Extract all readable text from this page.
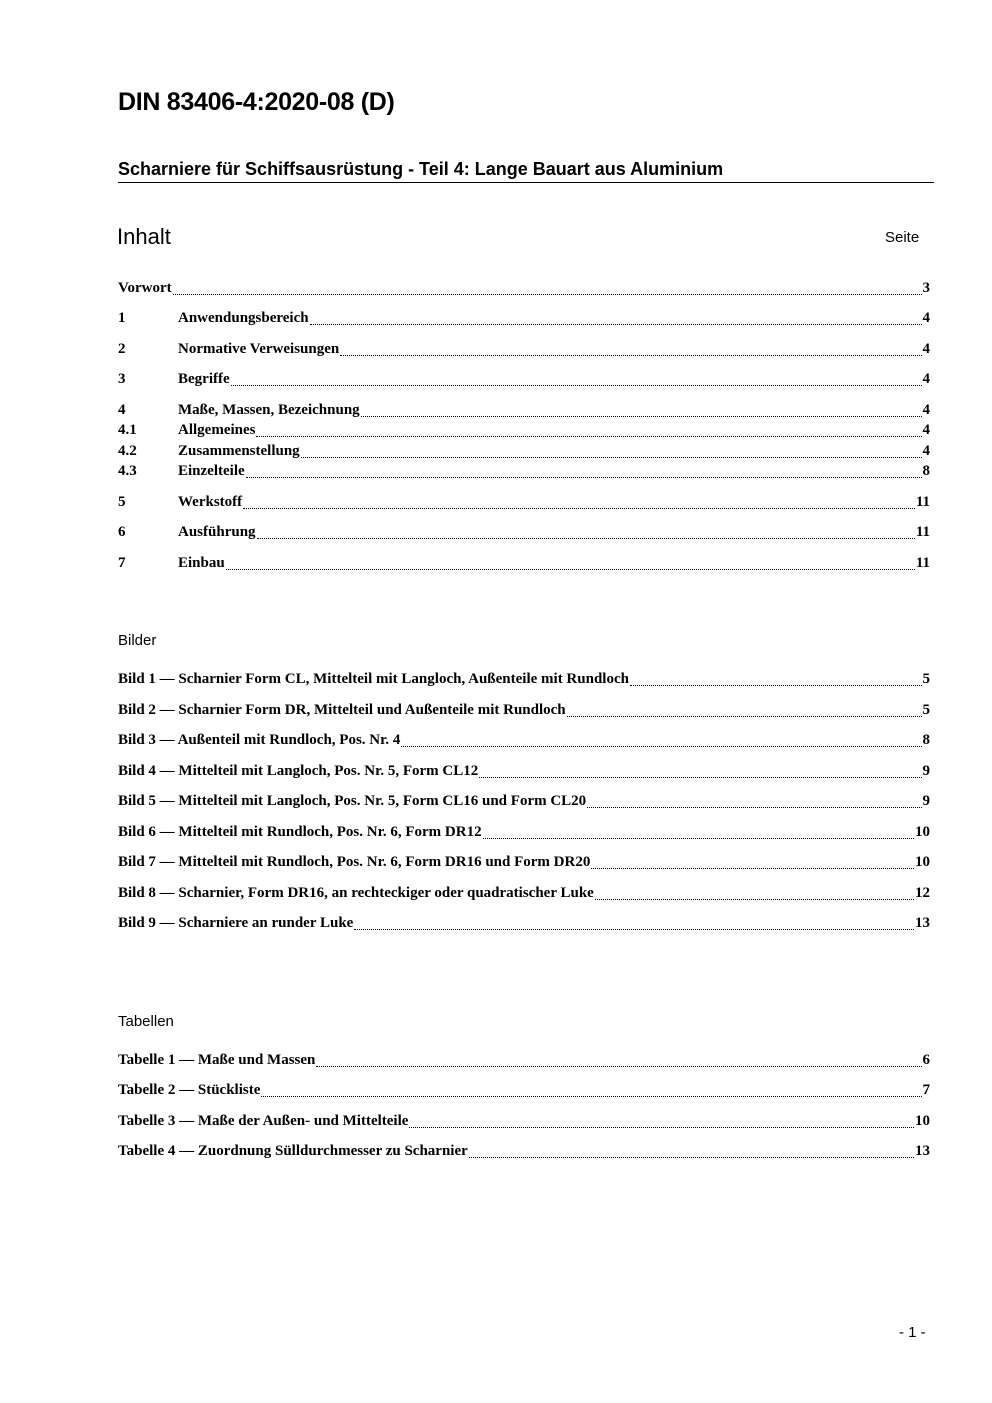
DIN 83406-4:2020-08 (D)
Scharniere für Schiffsausrüstung - Teil 4: Lange Bauart aus Aluminium
Inhalt	Seite
Vorwort	3
1	Anwendungsbereich	4
2	Normative Verweisungen	4
3	Begriffe	4
4	Maße, Massen, Bezeichnung	4
4.1	Allgemeines	4
4.2	Zusammenstellung	4
4.3	Einzelteile	8
5	Werkstoff	11
6	Ausführung	11
7	Einbau	11
Bilder
Bild 1 — Scharnier Form CL, Mittelteil mit Langloch, Außenteile mit Rundloch	5
Bild 2 — Scharnier Form DR, Mittelteil und Außenteile mit Rundloch	5
Bild 3 — Außenteil mit Rundloch, Pos. Nr. 4	8
Bild 4 — Mittelteil mit Langloch, Pos. Nr. 5, Form CL12	9
Bild 5 — Mittelteil mit Langloch, Pos. Nr. 5, Form CL16 und Form CL20	9
Bild 6 — Mittelteil mit Rundloch, Pos. Nr. 6, Form DR12	10
Bild 7 — Mittelteil mit Rundloch, Pos. Nr. 6, Form DR16 und Form DR20	10
Bild 8 — Scharnier, Form DR16, an rechteckiger oder quadratischer Luke	12
Bild 9 — Scharniere an runder Luke	13
Tabellen
Tabelle 1 — Maße und Massen	6
Tabelle 2 — Stückliste	7
Tabelle 3 — Maße der Außen- und Mittelteile	10
Tabelle 4 — Zuordnung Sülldurchmesser zu Scharnier	13
- 1 -
